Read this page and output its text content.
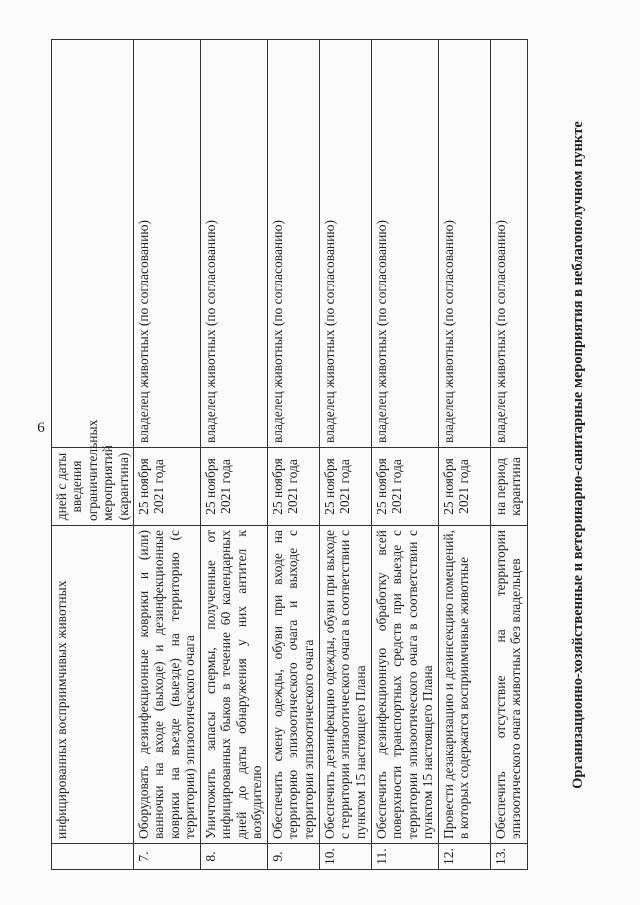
6
	инфицированных восприимчивых животных	дней с даты введения ограничительных мероприятий (карантина)	
7.	Оборудовать дезинфекционные коврики и (или) ванночки на входе (выходе) и дезинфекционные коврики на въезде (выезде) на территорию (с территории) эпизоотического очага	25 ноября 2021 года	владелец животных (по согласованию)
8.	Уничтожить запасы спермы, полученные от инфицированных быков в течение 60 календарных дней до даты обнаружения у них антител к возбудителю	25 ноября 2021 года	владелец животных (по согласованию)
9.	Обеспечить смену одежды, обуви при входе на территорию эпизоотического очага и выходе с территории эпизоотического очага	25 ноября 2021 года	владелец животных (по согласованию)
10.	Обеспечить дезинфекцию одежды, обуви при выходе с территории эпизоотического очага в соответствии с пунктом 15 настоящего Плана	25 ноября 2021 года	владелец животных (по согласованию)
11.	Обеспечить дезинфекционную обработку всей поверхности транспортных средств при выезде с территории эпизоотического очага в соответствии с пунктом 15 настоящего Плана	25 ноября 2021 года	владелец животных (по согласованию)
12.	Провести дезакаризацию и дезинсекцию помещений, в которых содержатся восприимчивые животные	25 ноября 2021 года	владелец животных (по согласованию)
13.	Обеспечить отсутствие на территории эпизоотического очага животных без владельцев	на период карантина	владелец животных (по согласованию)	Организационно-хозяйственные и ветеринарно-санитарные мероприятия в неблагополучном пункте
